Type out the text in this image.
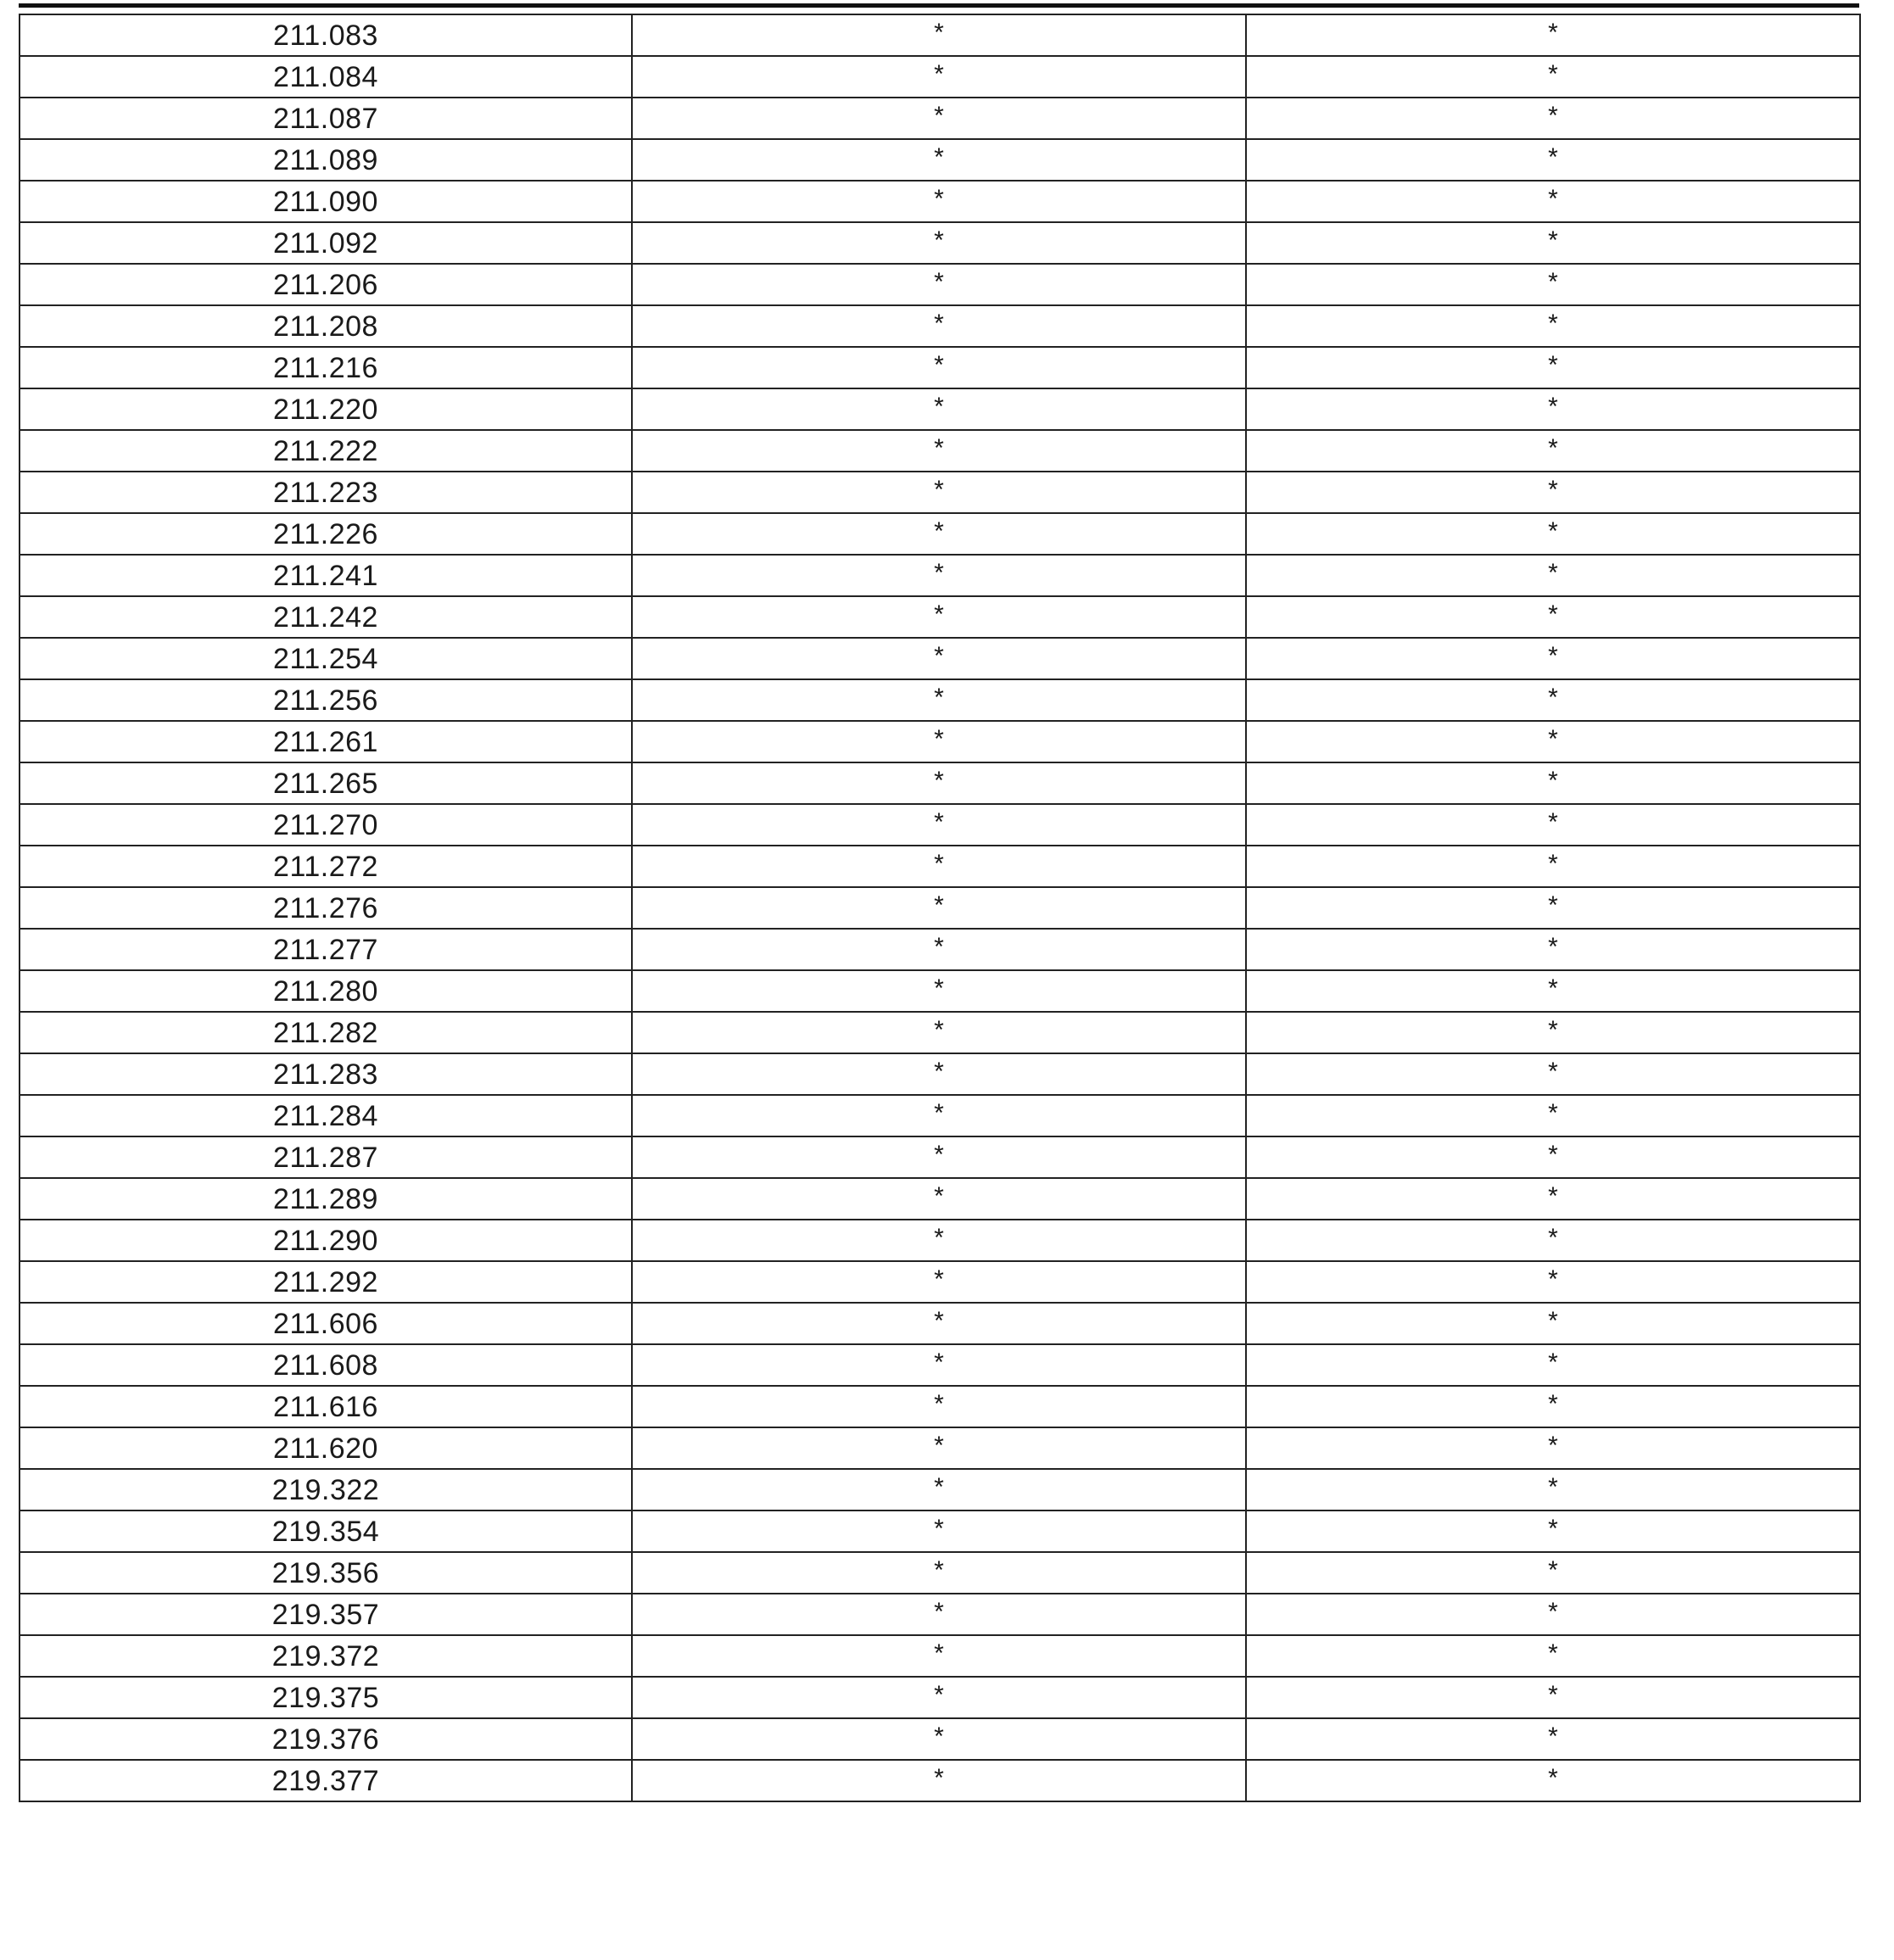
211.083	*	*
211.084	*	*
211.087	*	*
211.089	*	*
211.090	*	*
211.092	*	*
211.206	*	*
211.208	*	*
211.216	*	*
211.220	*	*
211.222	*	*
211.223	*	*
211.226	*	*
211.241	*	*
211.242	*	*
211.254	*	*
211.256	*	*
211.261	*	*
211.265	*	*
211.270	*	*
211.272	*	*
211.276	*	*
211.277	*	*
211.280	*	*
211.282	*	*
211.283	*	*
211.284	*	*
211.287	*	*
211.289	*	*
211.290	*	*
211.292	*	*
211.606	*	*
211.608	*	*
211.616	*	*
211.620	*	*
219.322	*	*
219.354	*	*
219.356	*	*
219.357	*	*
219.372	*	*
219.375	*	*
219.376	*	*
219.377	*	*
